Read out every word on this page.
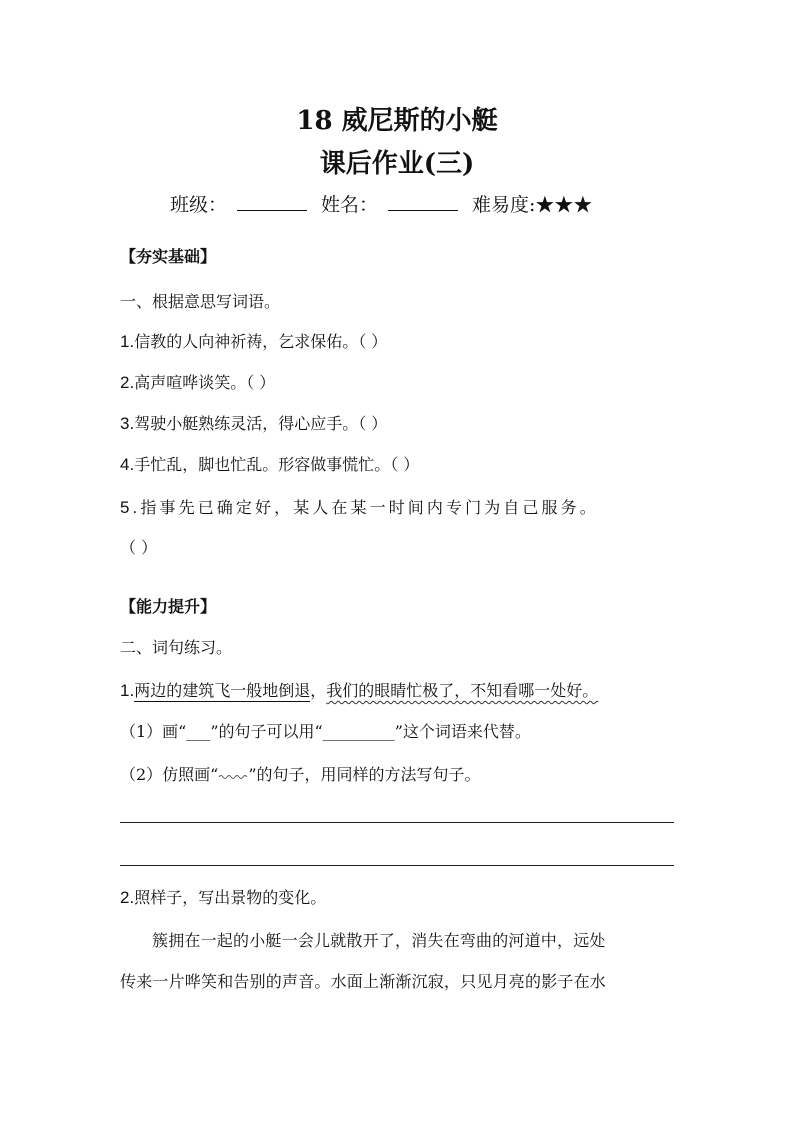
18 威尼斯的小艇
课后作业(三)
班级：	姓名：	难易度:★★★
【夯实基础】
一、根据意思写词语。
1.信教的人向神祈祷，乞求保佑。（ ）
2.高声喧哗谈笑。（ ）
3.驾驶小艇熟练灵活，得心应手。（ ）
4.手忙乱，脚也忙乱。形容做事慌忙。（ ）
5.指事先已确定好，某人在某一时间内专门为自己服务。
（ ）
【能力提升】
二、词句练习。
1.两边的建筑飞一般地倒退，我们的眼睛忙极了，不知看哪一处好。
（1）画“___”的句子可以用“_________”这个词语来代替。
（2）仿照画“ ”的句子，用同样的方法写句子。
2.照样子，写出景物的变化。
簇拥在一起的小艇一会儿就散开了，消失在弯曲的河道中，远处
传来一片哗笑和告别的声音。水面上渐渐沉寂，只见月亮的影子在水
